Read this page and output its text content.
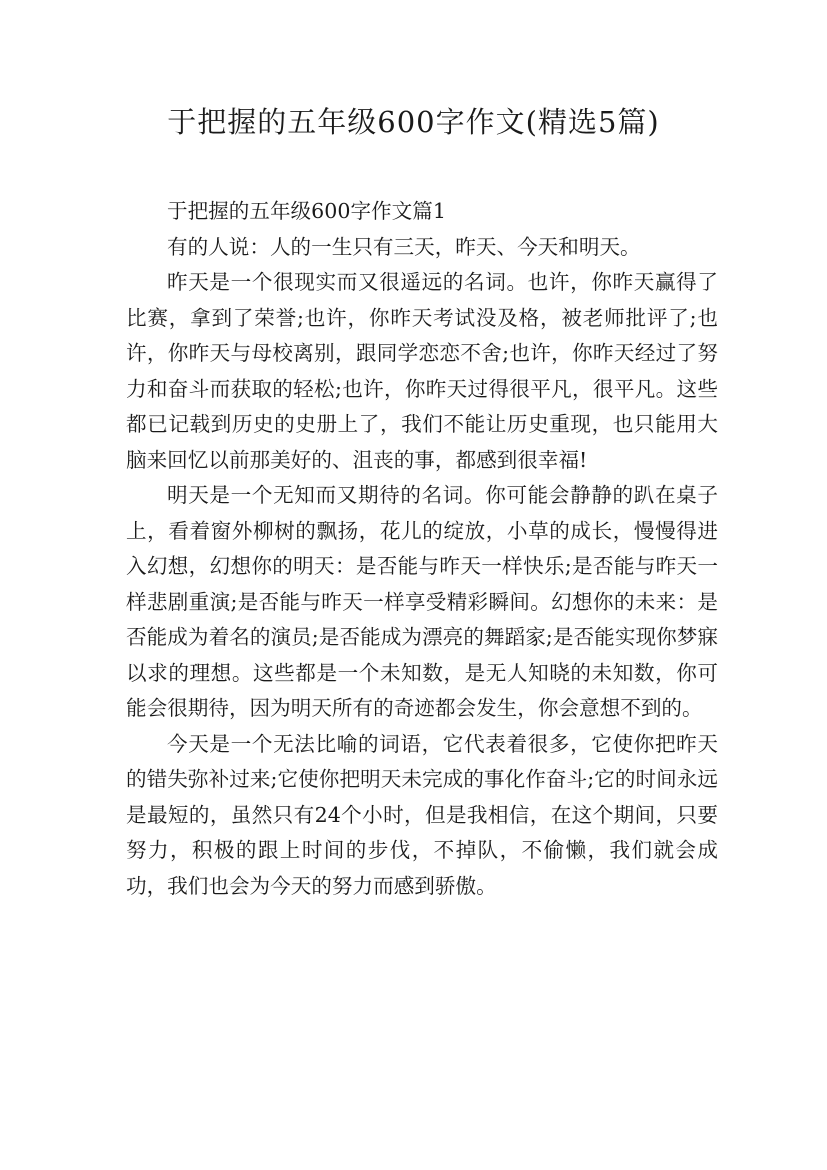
于把握的五年级600字作文(精选5篇)

于把握的五年级600字作文篇1

有的人说：人的一生只有三天，昨天、今天和明天。

昨天是一个很现实而又很遥远的名词。也许，你昨天赢得了比赛，拿到了荣誉;也许，你昨天考试没及格，被老师批评了;也许，你昨天与母校离别，跟同学恋恋不舍;也许，你昨天经过了努力和奋斗而获取的轻松;也许，你昨天过得很平凡，很平凡。这些都已记载到历史的史册上了，我们不能让历史重现，也只能用大脑来回忆以前那美好的、沮丧的事，都感到很幸福!

明天是一个无知而又期待的名词。你可能会静静的趴在桌子上，看着窗外柳树的飘扬，花儿的绽放，小草的成长，慢慢得进入幻想，幻想你的明天：是否能与昨天一样快乐;是否能与昨天一样悲剧重演;是否能与昨天一样享受精彩瞬间。幻想你的未来：是否能成为着名的演员;是否能成为漂亮的舞蹈家;是否能实现你梦寐以求的理想。这些都是一个未知数，是无人知晓的未知数，你可能会很期待，因为明天所有的奇迹都会发生，你会意想不到的。

今天是一个无法比喻的词语，它代表着很多，它使你把昨天的错失弥补过来;它使你把明天未完成的事化作奋斗;它的时间永远是最短的，虽然只有24个小时，但是我相信，在这个期间，只要努力，积极的跟上时间的步伐，不掉队，不偷懒，我们就会成功，我们也会为今天的努力而感到骄傲。
